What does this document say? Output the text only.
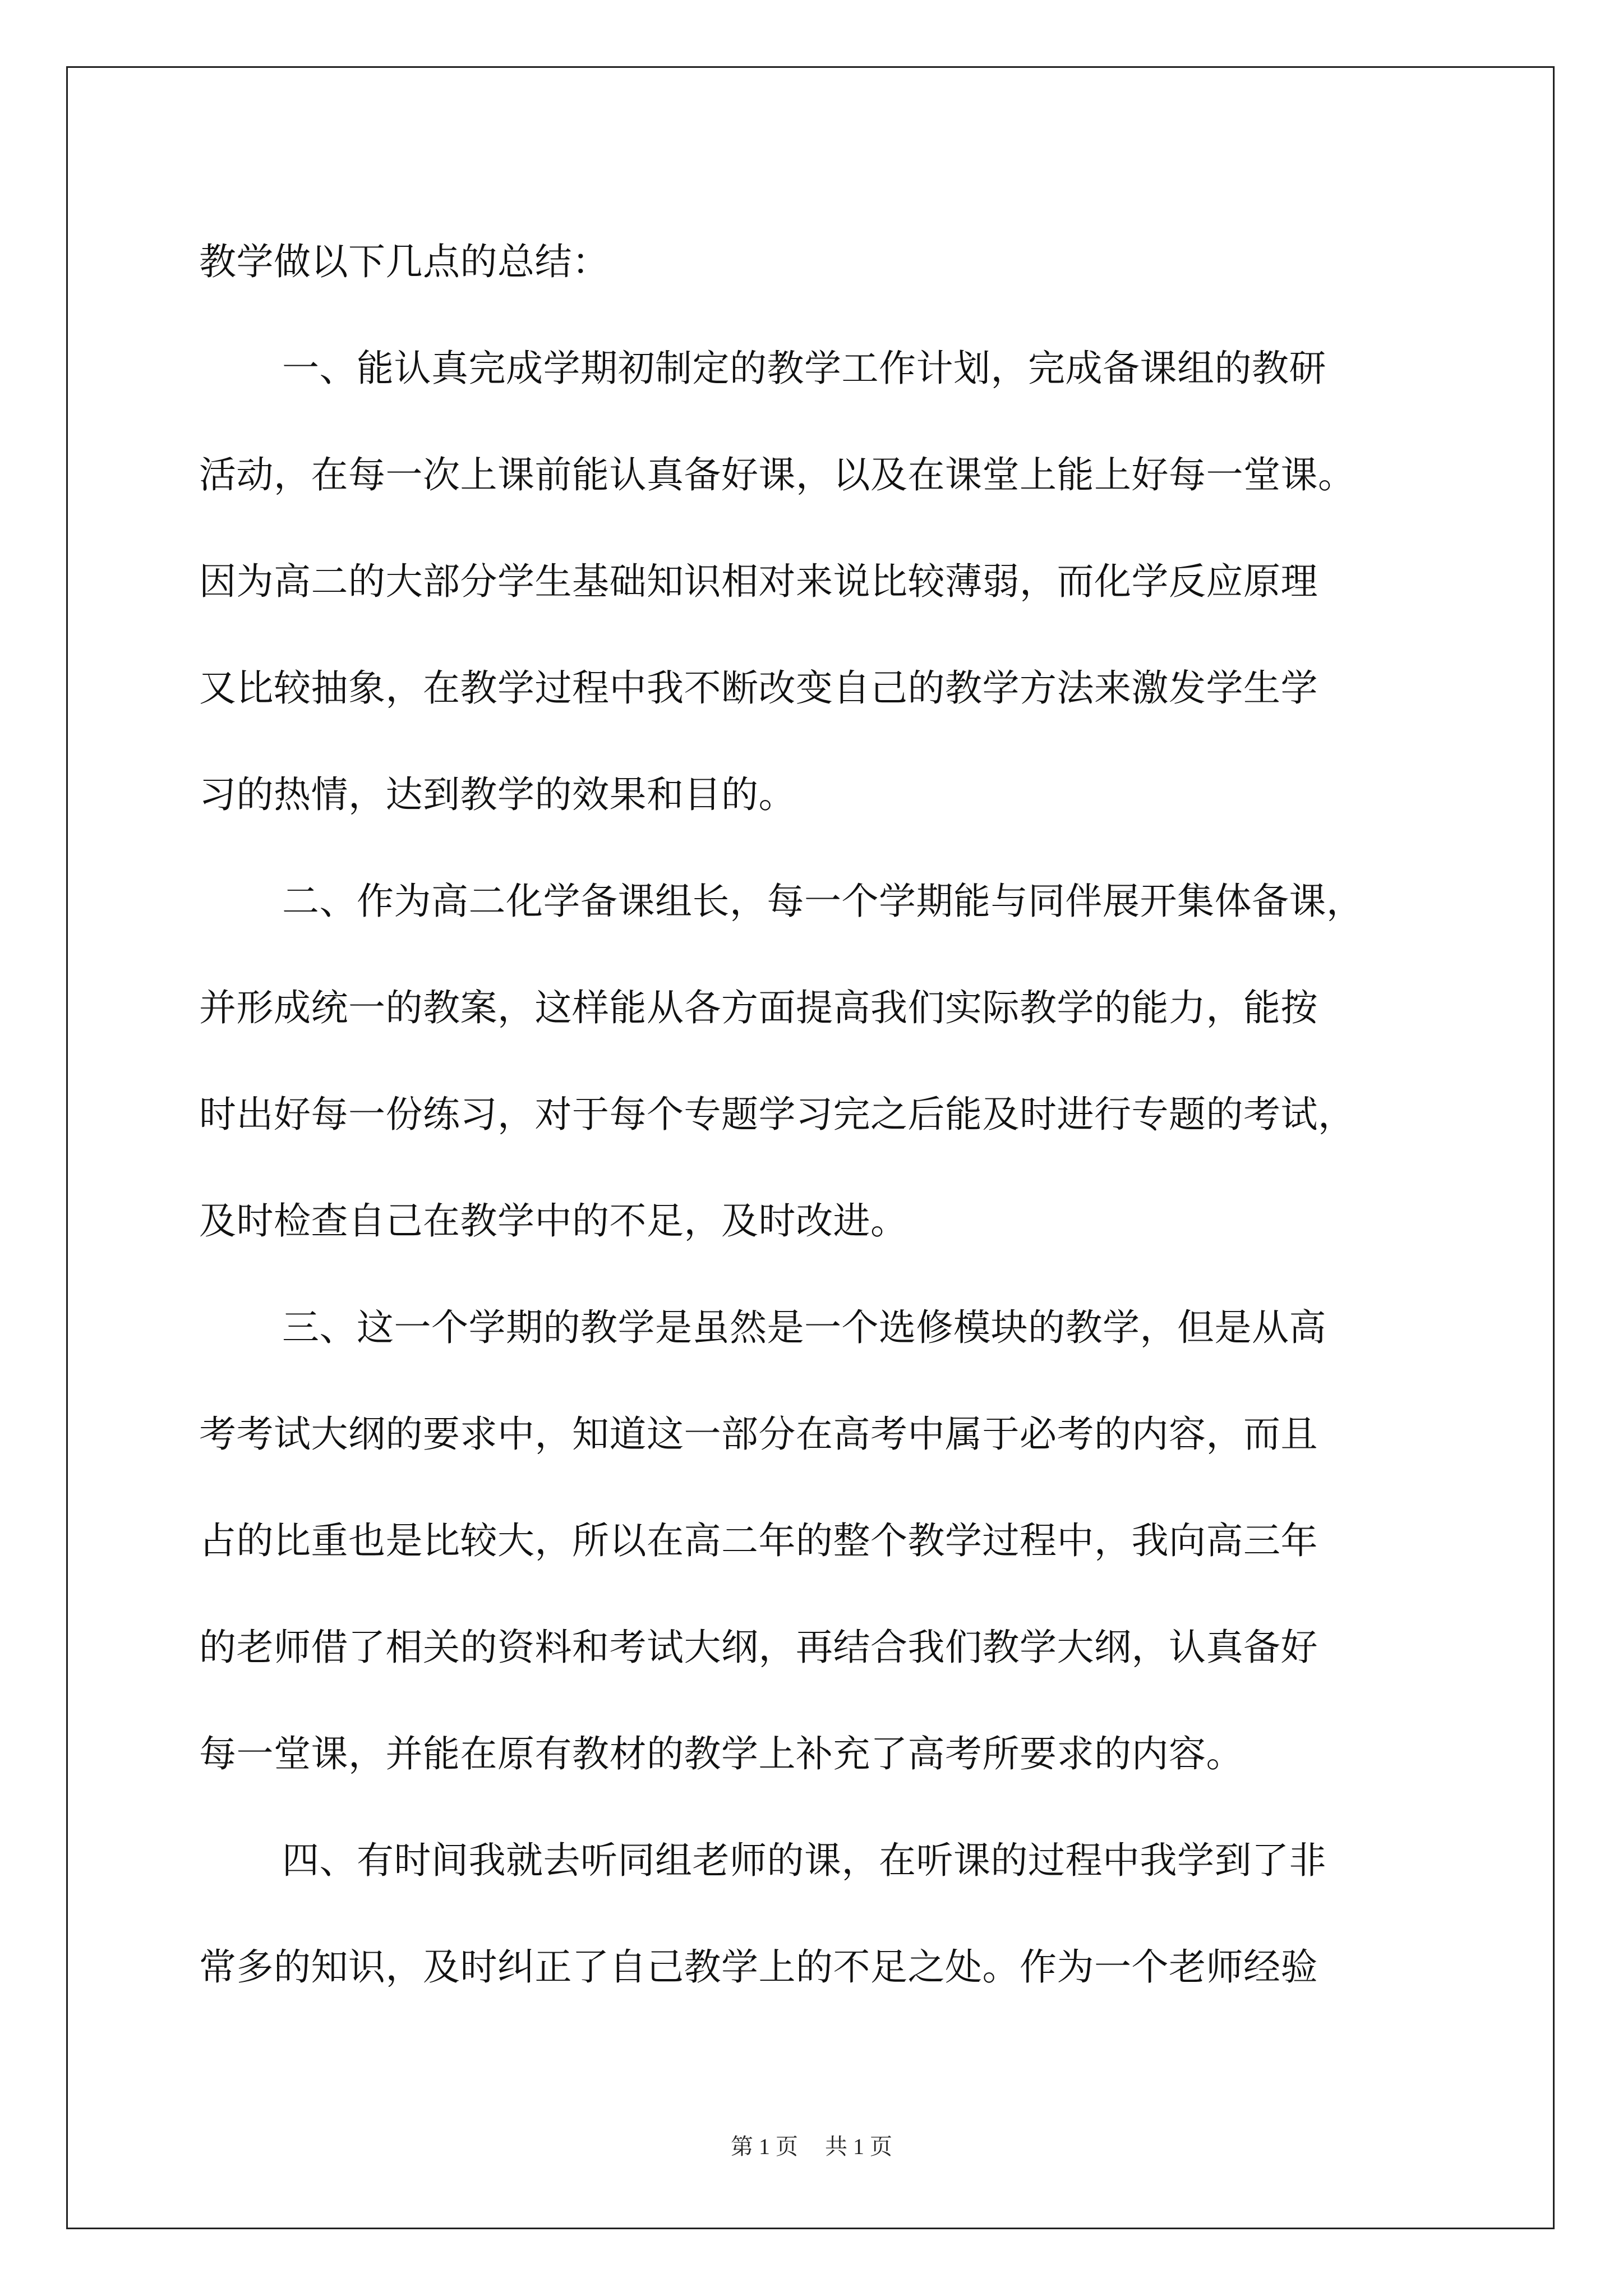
教学做以下几点的总结：
一、能认真完成学期初制定的教学工作计划，完成备课组的教研
活动，在每一次上课前能认真备好课，以及在课堂上能上好每一堂课。
因为高二的大部分学生基础知识相对来说比较薄弱，而化学反应原理
又比较抽象，在教学过程中我不断改变自己的教学方法来激发学生学
习的热情，达到教学的效果和目的。
二、作为高二化学备课组长，每一个学期能与同伴展开集体备课，
并形成统一的教案，这样能从各方面提高我们实际教学的能力，能按
时出好每一份练习，对于每个专题学习完之后能及时进行专题的考试，
及时检查自己在教学中的不足，及时改进。
三、这一个学期的教学是虽然是一个选修模块的教学，但是从高
考考试大纲的要求中，知道这一部分在高考中属于必考的内容，而且
占的比重也是比较大，所以在高二年的整个教学过程中，我向高三年
的老师借了相关的资料和考试大纲，再结合我们教学大纲，认真备好
每一堂课，并能在原有教材的教学上补充了高考所要求的内容。
四、有时间我就去听同组老师的课，在听课的过程中我学到了非
常多的知识，及时纠正了自己教学上的不足之处。作为一个老师经验
第 1 页 共 1 页
